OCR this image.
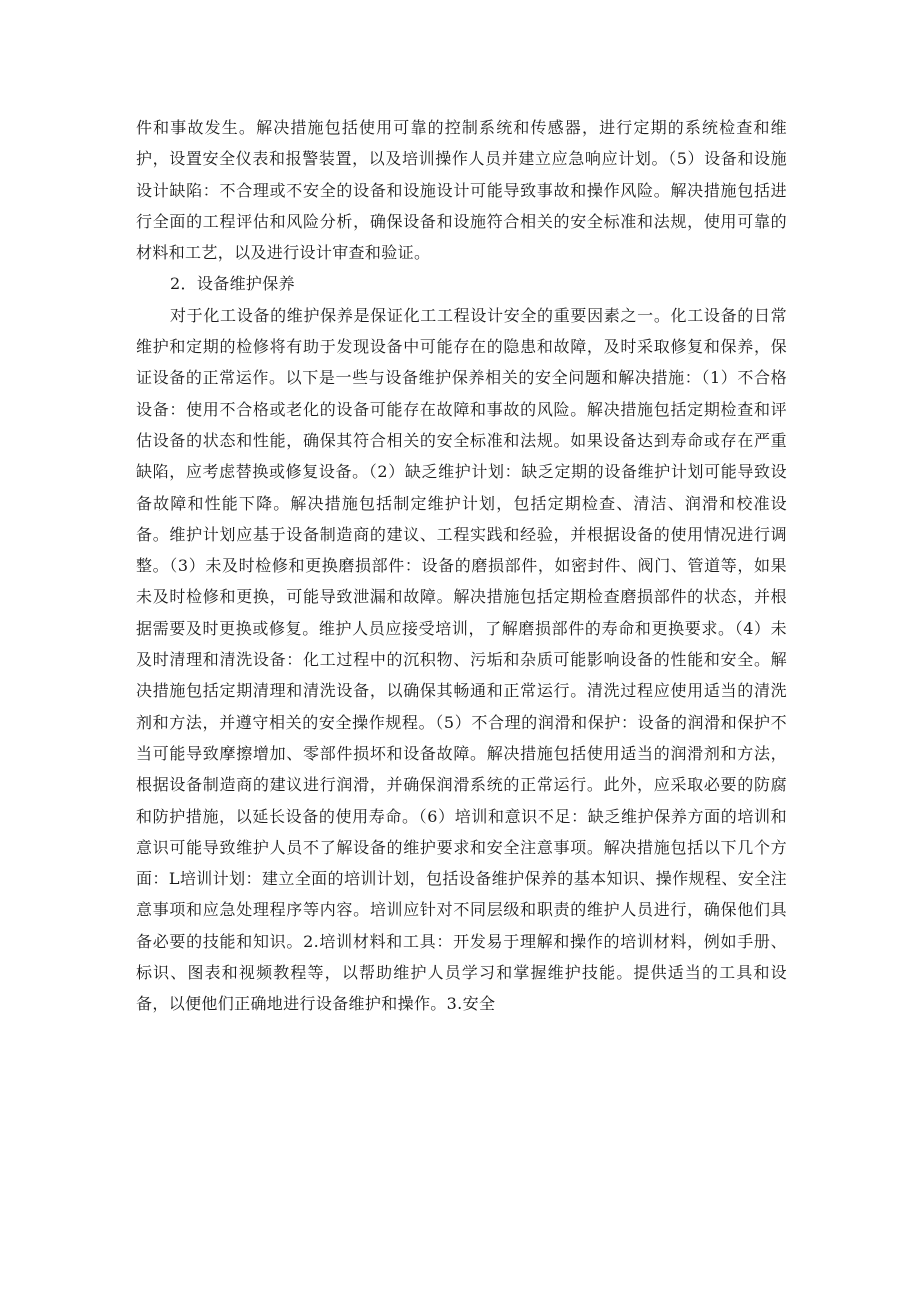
件和事故发生。解决措施包括使用可靠的控制系统和传感器，进行定期的系统检查和维护，设置安全仪表和报警装置，以及培训操作人员并建立应急响应计划。（5）设备和设施设计缺陷：不合理或不安全的设备和设施设计可能导致事故和操作风险。解决措施包括进行全面的工程评估和风险分析，确保设备和设施符合相关的安全标准和法规，使用可靠的材料和工艺，以及进行设计审查和验证。

2．设备维护保养

对于化工设备的维护保养是保证化工工程设计安全的重要因素之一。化工设备的日常维护和定期的检修将有助于发现设备中可能存在的隐患和故障，及时采取修复和保养，保证设备的正常运作。以下是一些与设备维护保养相关的安全问题和解决措施：（1）不合格设备：使用不合格或老化的设备可能存在故障和事故的风险。解决措施包括定期检查和评估设备的状态和性能，确保其符合相关的安全标准和法规。如果设备达到寿命或存在严重缺陷，应考虑替换或修复设备。（2）缺乏维护计划：缺乏定期的设备维护计划可能导致设备故障和性能下降。解决措施包括制定维护计划，包括定期检查、清洁、润滑和校准设备。维护计划应基于设备制造商的建议、工程实践和经验，并根据设备的使用情况进行调整。（3）未及时检修和更换磨损部件：设备的磨损部件，如密封件、阀门、管道等，如果未及时检修和更换，可能导致泄漏和故障。解决措施包括定期检查磨损部件的状态，并根据需要及时更换或修复。维护人员应接受培训，了解磨损部件的寿命和更换要求。（4）未及时清理和清洗设备：化工过程中的沉积物、污垢和杂质可能影响设备的性能和安全。解决措施包括定期清理和清洗设备，以确保其畅通和正常运行。清洗过程应使用适当的清洗剂和方法，并遵守相关的安全操作规程。（5）不合理的润滑和保护：设备的润滑和保护不当可能导致摩擦增加、零部件损坏和设备故障。解决措施包括使用适当的润滑剂和方法，根据设备制造商的建议进行润滑，并确保润滑系统的正常运行。此外，应采取必要的防腐和防护措施，以延长设备的使用寿命。（6）培训和意识不足：缺乏维护保养方面的培训和意识可能导致维护人员不了解设备的维护要求和安全注意事项。解决措施包括以下几个方面：L培训计划：建立全面的培训计划，包括设备维护保养的基本知识、操作规程、安全注意事项和应急处理程序等内容。培训应针对不同层级和职责的维护人员进行，确保他们具备必要的技能和知识。2.培训材料和工具：开发易于理解和操作的培训材料，例如手册、标识、图表和视频教程等，以帮助维护人员学习和掌握维护技能。提供适当的工具和设备，以便他们正确地进行设备维护和操作。3.安全
